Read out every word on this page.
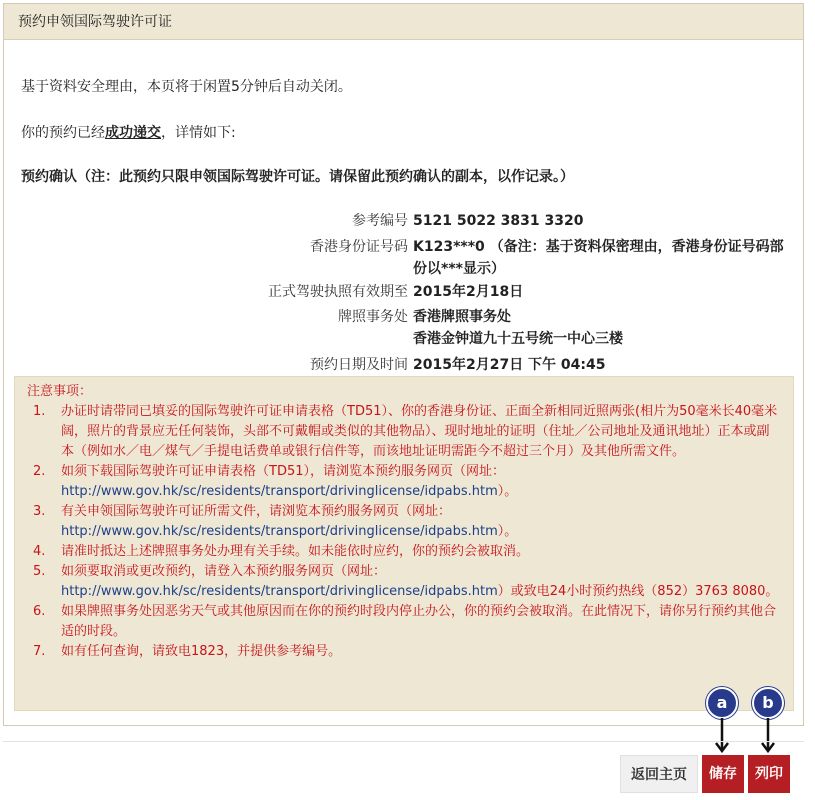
预约申领国际驾驶许可证
基于资料安全理由，本页将于闲置5分钟后自动关闭。
你的预约已经成功递交，详情如下:
预约确认（注：此预约只限申领国际驾驶许可证。请保留此预约确认的副本，以作记录。）
参考编号 5121 5022 3831 3320
香港身份证号码 K123***0 （备注：基于资料保密理由，香港身份证号码部份以***显示）
正式驾驶执照有效期至 2015年2月18日
牌照事务处 香港牌照事务处
香港金钟道九十五号统一中心三楼
预约日期及时间 2015年2月27日 下午 04:45
注意事项：
1. 办证时请带同已填妥的国际驾驶许可证申请表格（TD51）、你的香港身份证、正面全新相同近照两张(相片为50毫米长40毫米阔，照片的背景应无任何装饰，头部不可戴帽或类似的其他物品）、现时地址的证明（住址／公司地址及通讯地址）正本或副本（例如水／电／煤气／手提电话费单或银行信件等，而该地址证明需距今不超过三个月）及其他所需文件。
2. 如须下载国际驾驶许可证申请表格（TD51），请浏览本预约服务网页（网址：http://www.gov.hk/sc/residents/transport/drivinglicense/idpabs.htm）。
3. 有关申领国际驾驶许可证所需文件，请浏览本预约服务网页（网址：http://www.gov.hk/sc/residents/transport/drivinglicense/idpabs.htm）。
4. 请准时抵达上述牌照事务处办理有关手续。如未能依时应约，你的预约会被取消。
5. 如须要取消或更改预约，请登入本预约服务网页（网址：http://www.gov.hk/sc/residents/transport/drivinglicense/idpabs.htm）或致电24小时预约热线（852）3763 8080。
6. 如果牌照事务处因恶劣天气或其他原因而在你的预约时段内停止办公，你的预约会被取消。在此情况下，请你另行预约其他合适的时段。
7. 如有任何查询，请致电1823，并提供参考编号。
a	b
返回主页	储存	列印
